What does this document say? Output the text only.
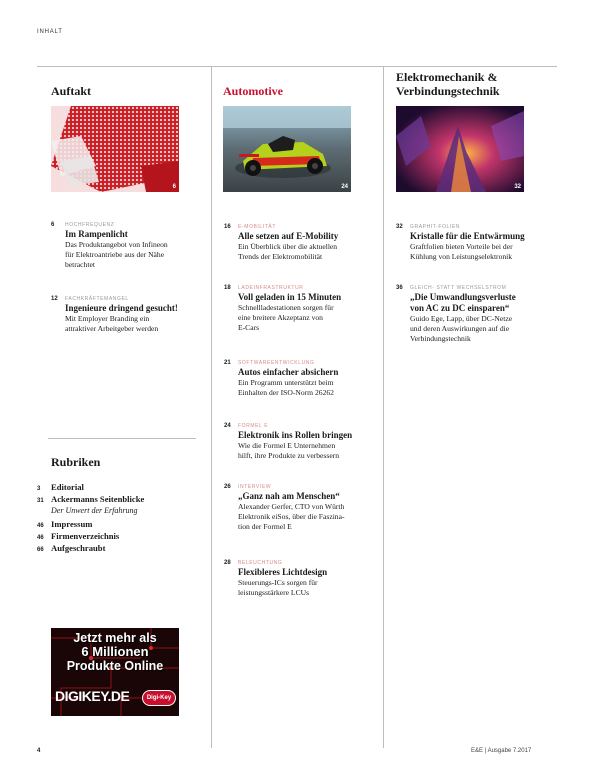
INHALT
Auftakt
6
6 HOCHFREQUENZ
Im Rampenlicht
Das Produktangebot von Infineon
für Elektroantriebe aus der Nähe
betrachtet
12 FACHKRÄFTEMANGEL
Ingenieure dringend gesucht!
Mit Employer Branding ein
attraktiver Arbeitgeber werden
Rubriken
3 Editorial
31 Ackermanns Seitenblicke
Der Unwert der Erfahrung
46 Impressum
46 Firmenverzeichnis
66 Aufgeschraubt
Jetzt mehr als
6 Millionen
Produkte Online
DIGIKEY.DE	Digi-Key
Automotive
24
16 E-MOBILITÄT
Alle setzen auf E-Mobility
Ein Überblick über die aktuellen
Trends der Elektromobilität
18 LADEINFRASTRUKTUR
Voll geladen in 15 Minuten
Schnellladestationen sorgen für
eine breitere Akzeptanz von
E-Cars
21 SOFTWAREENTWICKLUNG
Autos einfacher absichern
Ein Programm unterstützt beim
Einhalten der ISO-Norm 26262
24 FORMEL E
Elektronik ins Rollen bringen
Wie die Formel E Unternehmen
hilft, ihre Produkte zu verbessern
26 INTERVIEW
„Ganz nah am Menschen“
Alexander Gerfer, CTO von Würth
Elektronik eiSos, über die Faszina-
tion der Formel E
28 BELEUCHTUNG
Flexibleres Lichtdesign
Steuerungs-ICs sorgen für
leistungsstärkere LCUs
Elektromechanik &
Verbindungstechnik
32
32 GRAPHIT-FOLIEN
Kristalle für die Entwärmung
Graftfolien bieten Vorteile bei der
Kühlung von Leistungselektronik
36 GLEICH- STATT WECHSELSTROM
„Die Umwandlungsverluste
von AC zu DC einsparen“
Guido Ege, Lapp, über DC-Netze
und deren Auswirkungen auf die
Verbindungstechnik
4	E&E | Ausgabe 7.2017
